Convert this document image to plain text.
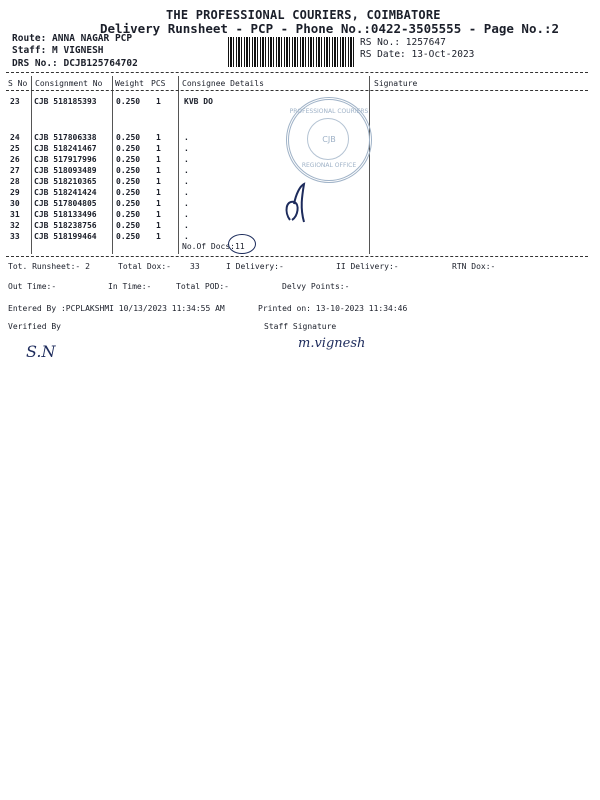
THE PROFESSIONAL COURIERS, COIMBATORE
Delivery Runsheet - PCP - Phone No.:0422-3505555 - Page No.:2
Route: ANNA NAGAR PCP
Staff: M VIGNESH
DRS No.: DCJB125764702
RS No.: 1257647
RS Date: 13-Oct-2023
S No Consignment No Weight PCS Consignee Details	Signature
23 CJB 518185393 0.250 1	KVB DO
24 CJB 517806338 0.250 1	.
25 CJB 518241467 0.250 1	.
26 CJB 517917996 0.250 1	.
27 CJB 518093489 0.250 1	.
28 CJB 518210365 0.250 1	.
29 CJB 518241424 0.250 1	.
30 CJB 517804805 0.250 1	.
31 CJB 518133496 0.250 1	.
32 CJB 518238756 0.250 1	.
33 CJB 518199464 0.250 1	.
No.Of Docs: 11
PROFESSIONAL COURIERS
CJB
REGIONAL OFFICE
Tot. Runsheet:- 2	Total Dox:- 33	I Delivery:-	II Delivery:-	RTN Dox:-
Out Time:-	In Time:-	Total POD:-	Delvy Points:-
Entered By :PCPLAKSHMI 10/13/2023 11:34:55 AM	Printed on: 13-10-2023 11:34:46
Verified By	Staff Signature
S.N	m.vignesh
